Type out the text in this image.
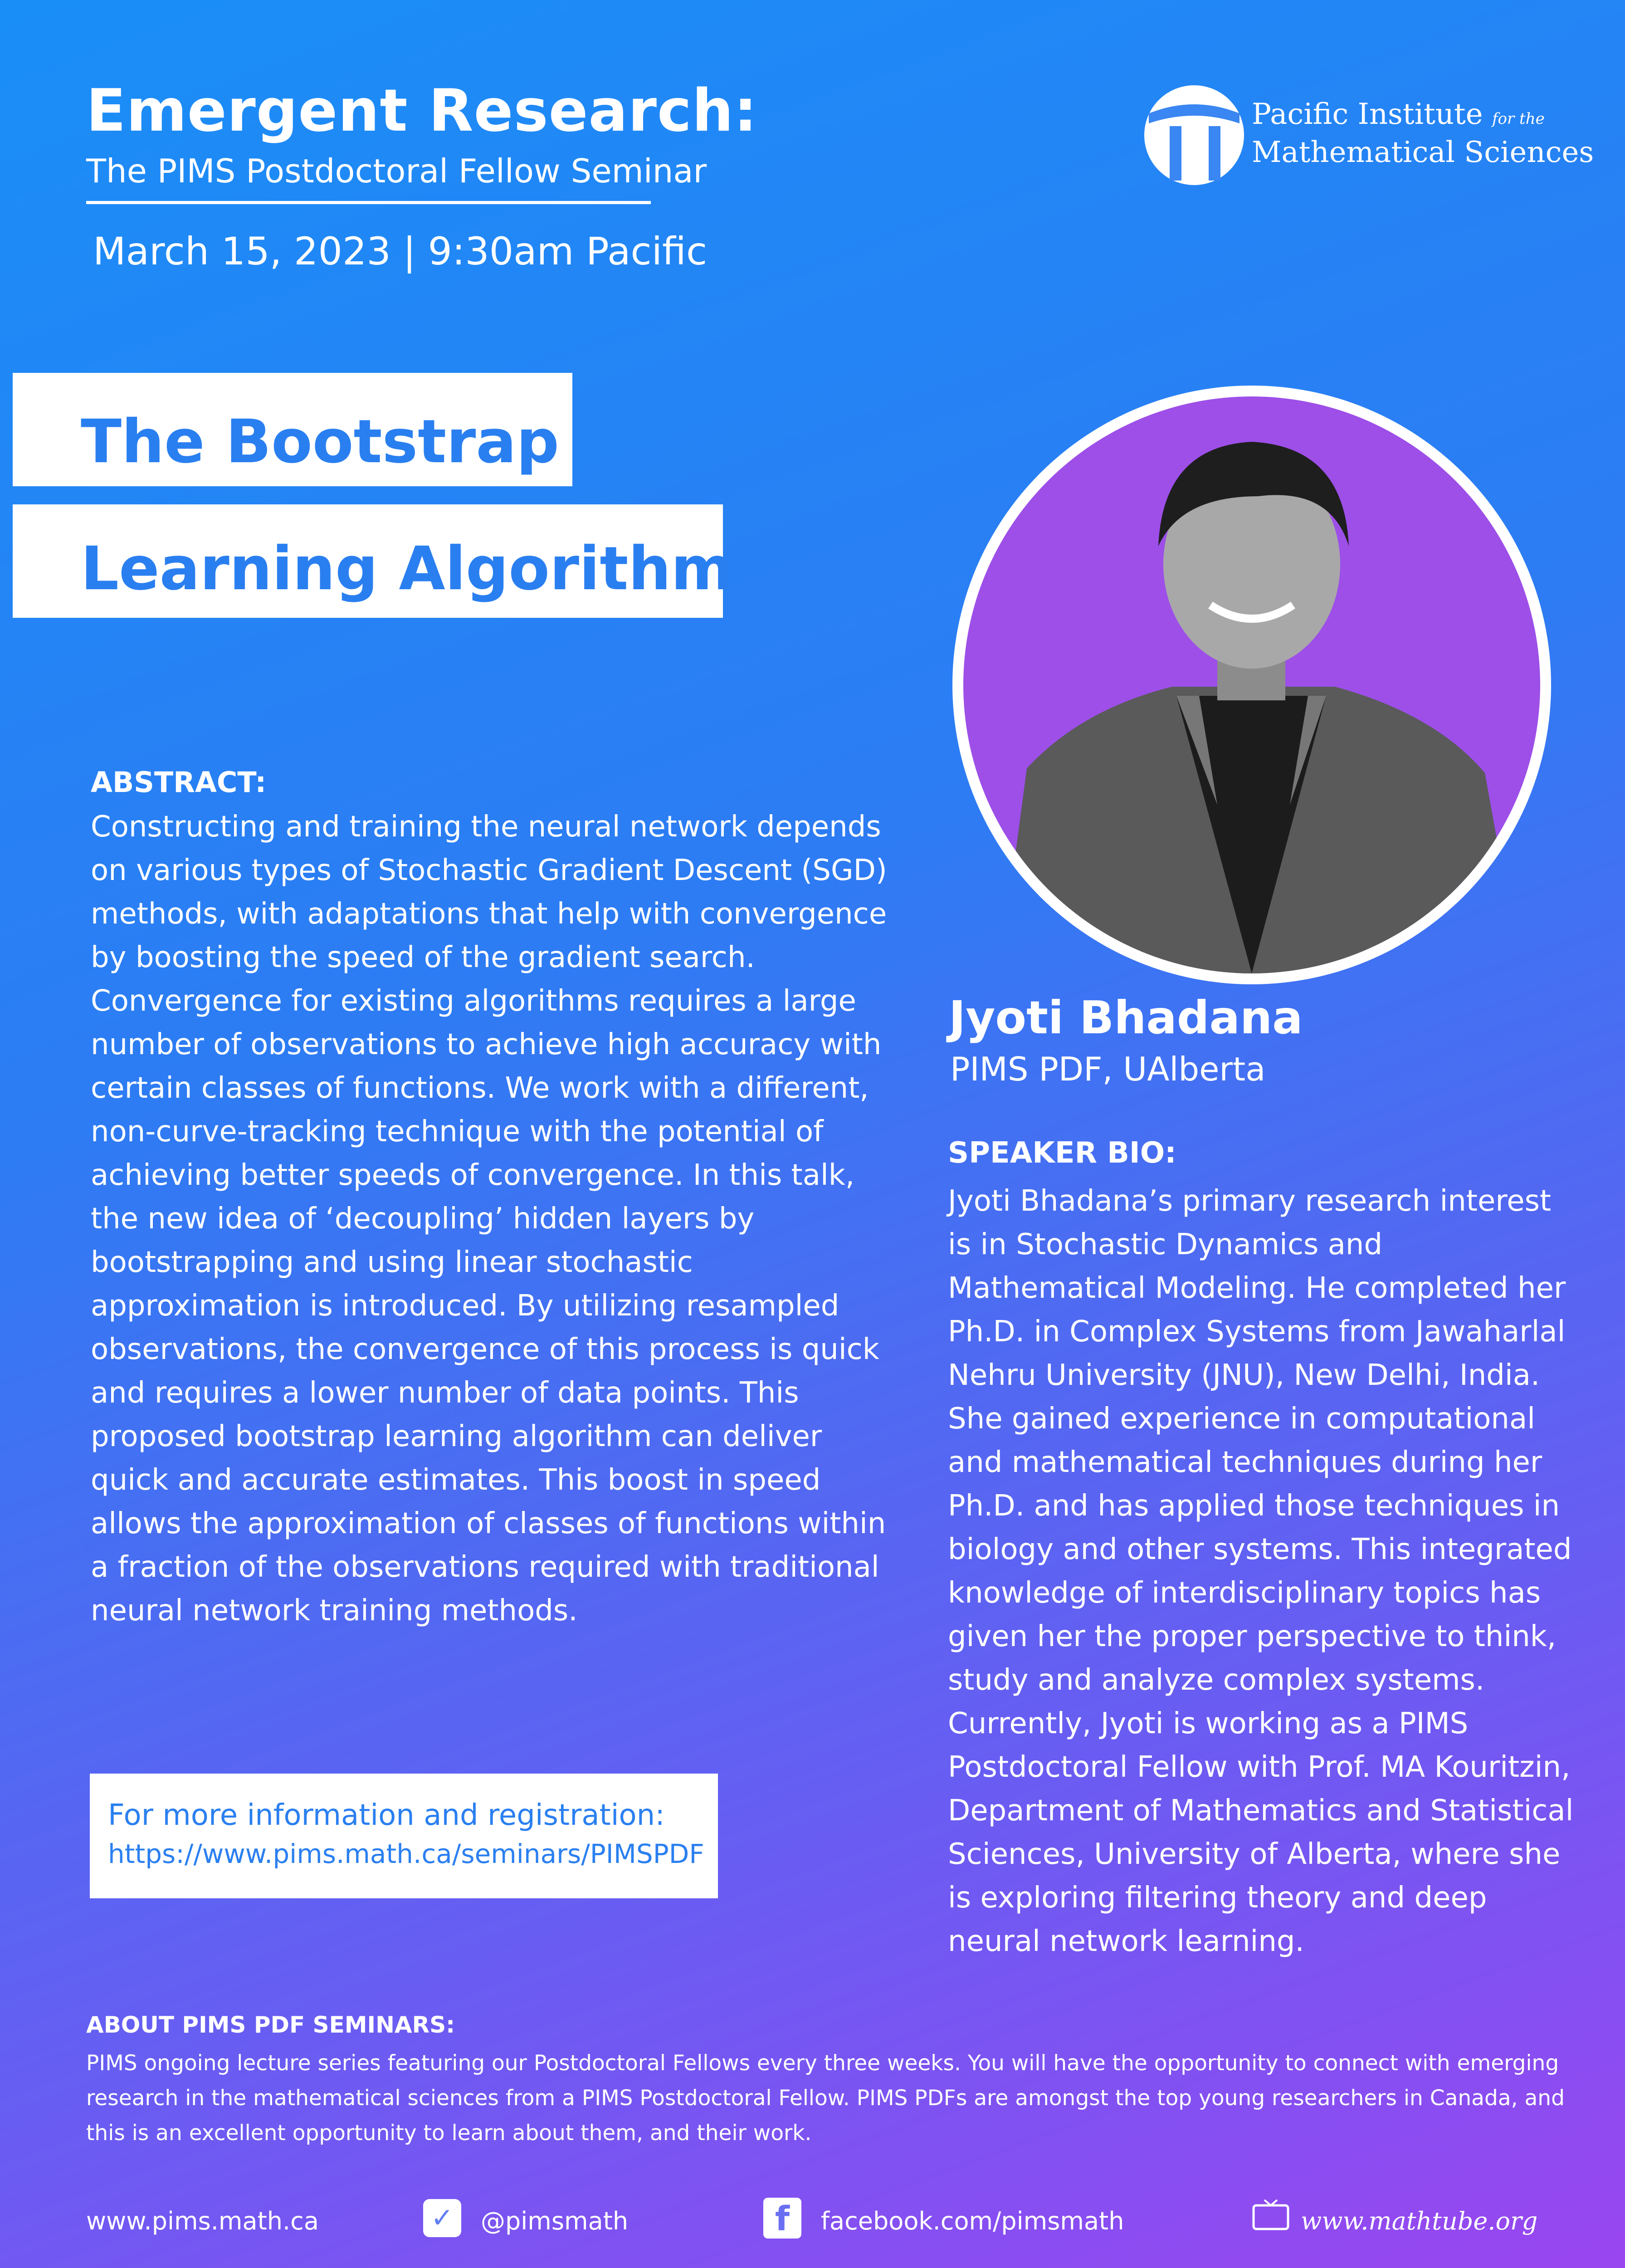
Emergent Research:
The PIMS Postdoctoral Fellow Seminar
March 15, 2023 | 9:30am Pacific
Pacific Institute for the
Mathematical Sciences
The Bootstrap
Learning Algorithm
ABSTRACT:
Constructing and training the neural network depends on various types of Stochastic Gradient Descent (SGD) methods, with adaptations that help with convergence by boosting the speed of the gradient search. Convergence for existing algorithms requires a large number of observations to achieve high accuracy with certain classes of functions. We work with a different, non-curve-tracking technique with the potential of achieving better speeds of convergence. In this talk, the new idea of ‘decoupling’ hidden layers by bootstrapping and using linear stochastic approximation is introduced. By utilizing resampled observations, the convergence of this process is quick and requires a lower number of data points. This proposed bootstrap learning algorithm can deliver quick and accurate estimates. This boost in speed allows the approximation of classes of functions within a fraction of the observations required with traditional neural network training methods.
Jyoti Bhadana
PIMS PDF, UAlberta
SPEAKER BIO:
Jyoti Bhadana’s primary research interest is in Stochastic Dynamics and Mathematical Modeling. He completed her Ph.D. in Complex Systems from Jawaharlal Nehru University (JNU), New Delhi, India. She gained experience in computational and mathematical techniques during her Ph.D. and has applied those techniques in biology and other systems. This integrated knowledge of interdisciplinary topics has given her the proper perspective to think, study and analyze complex systems. Currently, Jyoti is working as a PIMS Postdoctoral Fellow with Prof. MA Kouritzin, Department of Mathematics and Statistical Sciences, University of Alberta, where she is exploring filtering theory and deep neural network learning.
For more information and registration:
https://www.pims.math.ca/seminars/PIMSPDF
ABOUT PIMS PDF SEMINARS:
PIMS ongoing lecture series featuring our Postdoctoral Fellows every three weeks. You will have the opportunity to connect with emerging research in the mathematical sciences from a PIMS Postdoctoral Fellow. PIMS PDFs are amongst the top young researchers in Canada, and this is an excellent opportunity to learn about them, and their work.
www.pims.math.ca	✓	@pimsmath	f	facebook.com/pimsmath	www.mathtube.org
